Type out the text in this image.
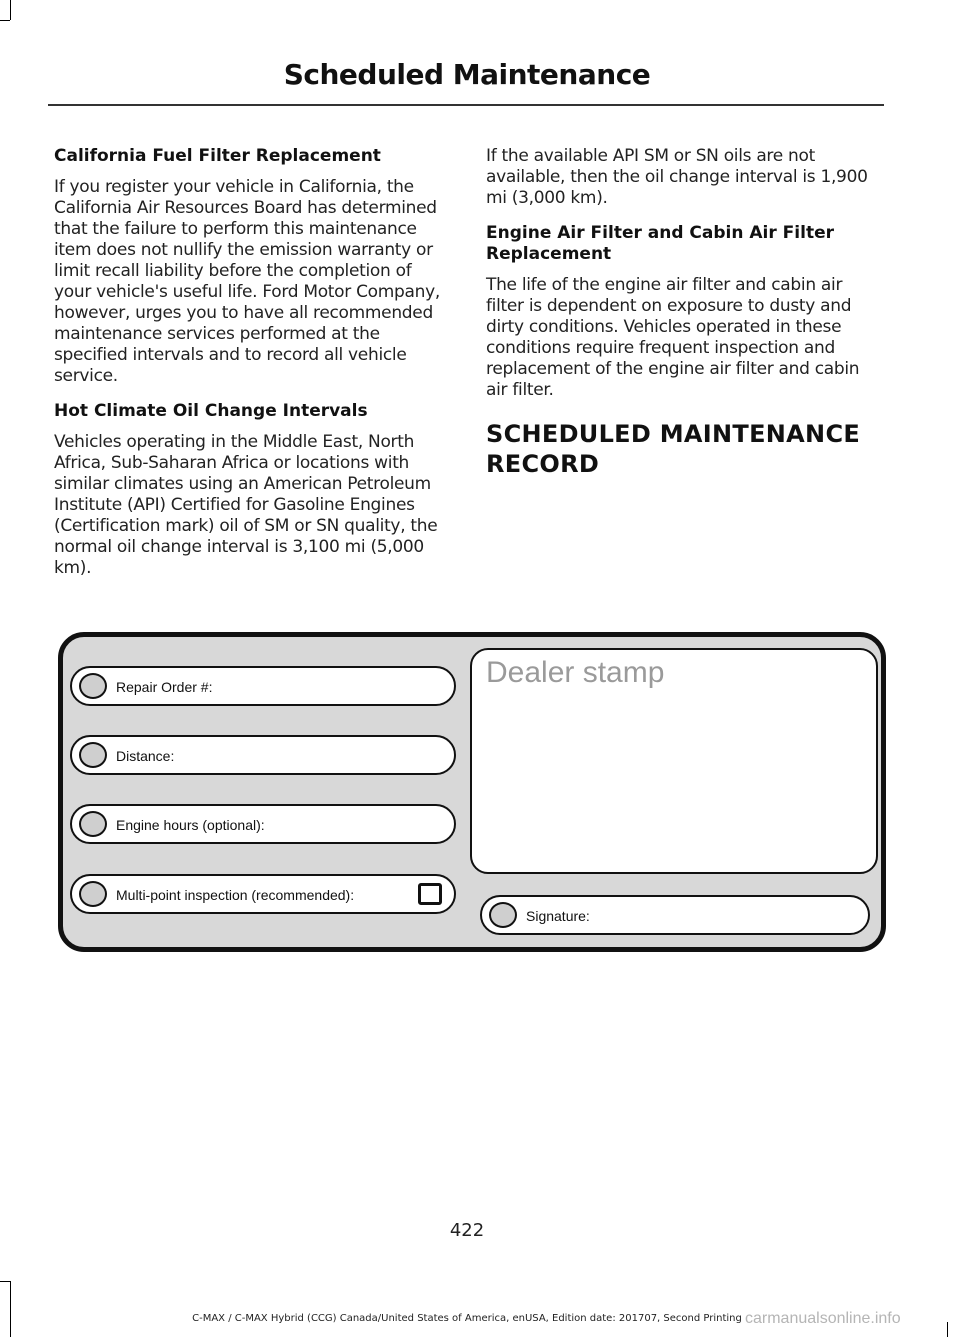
Scheduled Maintenance
California Fuel Filter Replacement

If you register your vehicle in California, the California Air Resources Board has determined that the failure to perform this maintenance item does not nullify the emission warranty or limit recall liability before the completion of your vehicle's useful life. Ford Motor Company, however, urges you to have all recommended maintenance services performed at the specified intervals and to record all vehicle service.

Hot Climate Oil Change Intervals

Vehicles operating in the Middle East, North Africa, Sub-Saharan Africa or locations with similar climates using an American Petroleum Institute (API) Certified for Gasoline Engines (Certification mark) oil of SM or SN quality, the normal oil change interval is 3,100 mi (5,000 km).

If the available API SM or SN oils are not available, then the oil change interval is 1,900 mi (3,000 km).

Engine Air Filter and Cabin Air Filter Replacement

The life of the engine air filter and cabin air filter is dependent on exposure to dusty and dirty conditions. Vehicles operated in these conditions require frequent inspection and replacement of the engine air filter and cabin air filter.

SCHEDULED MAINTENANCE
RECORD
Repair Order #:
Distance:
Engine hours (optional):
Multi-point inspection (recommended):
Dealer stamp
Signature:
422
C-MAX / C-MAX Hybrid (CCG) Canada/United States of America, enUSA, Edition date: 201707, Second Printing carmanualsonline.info
